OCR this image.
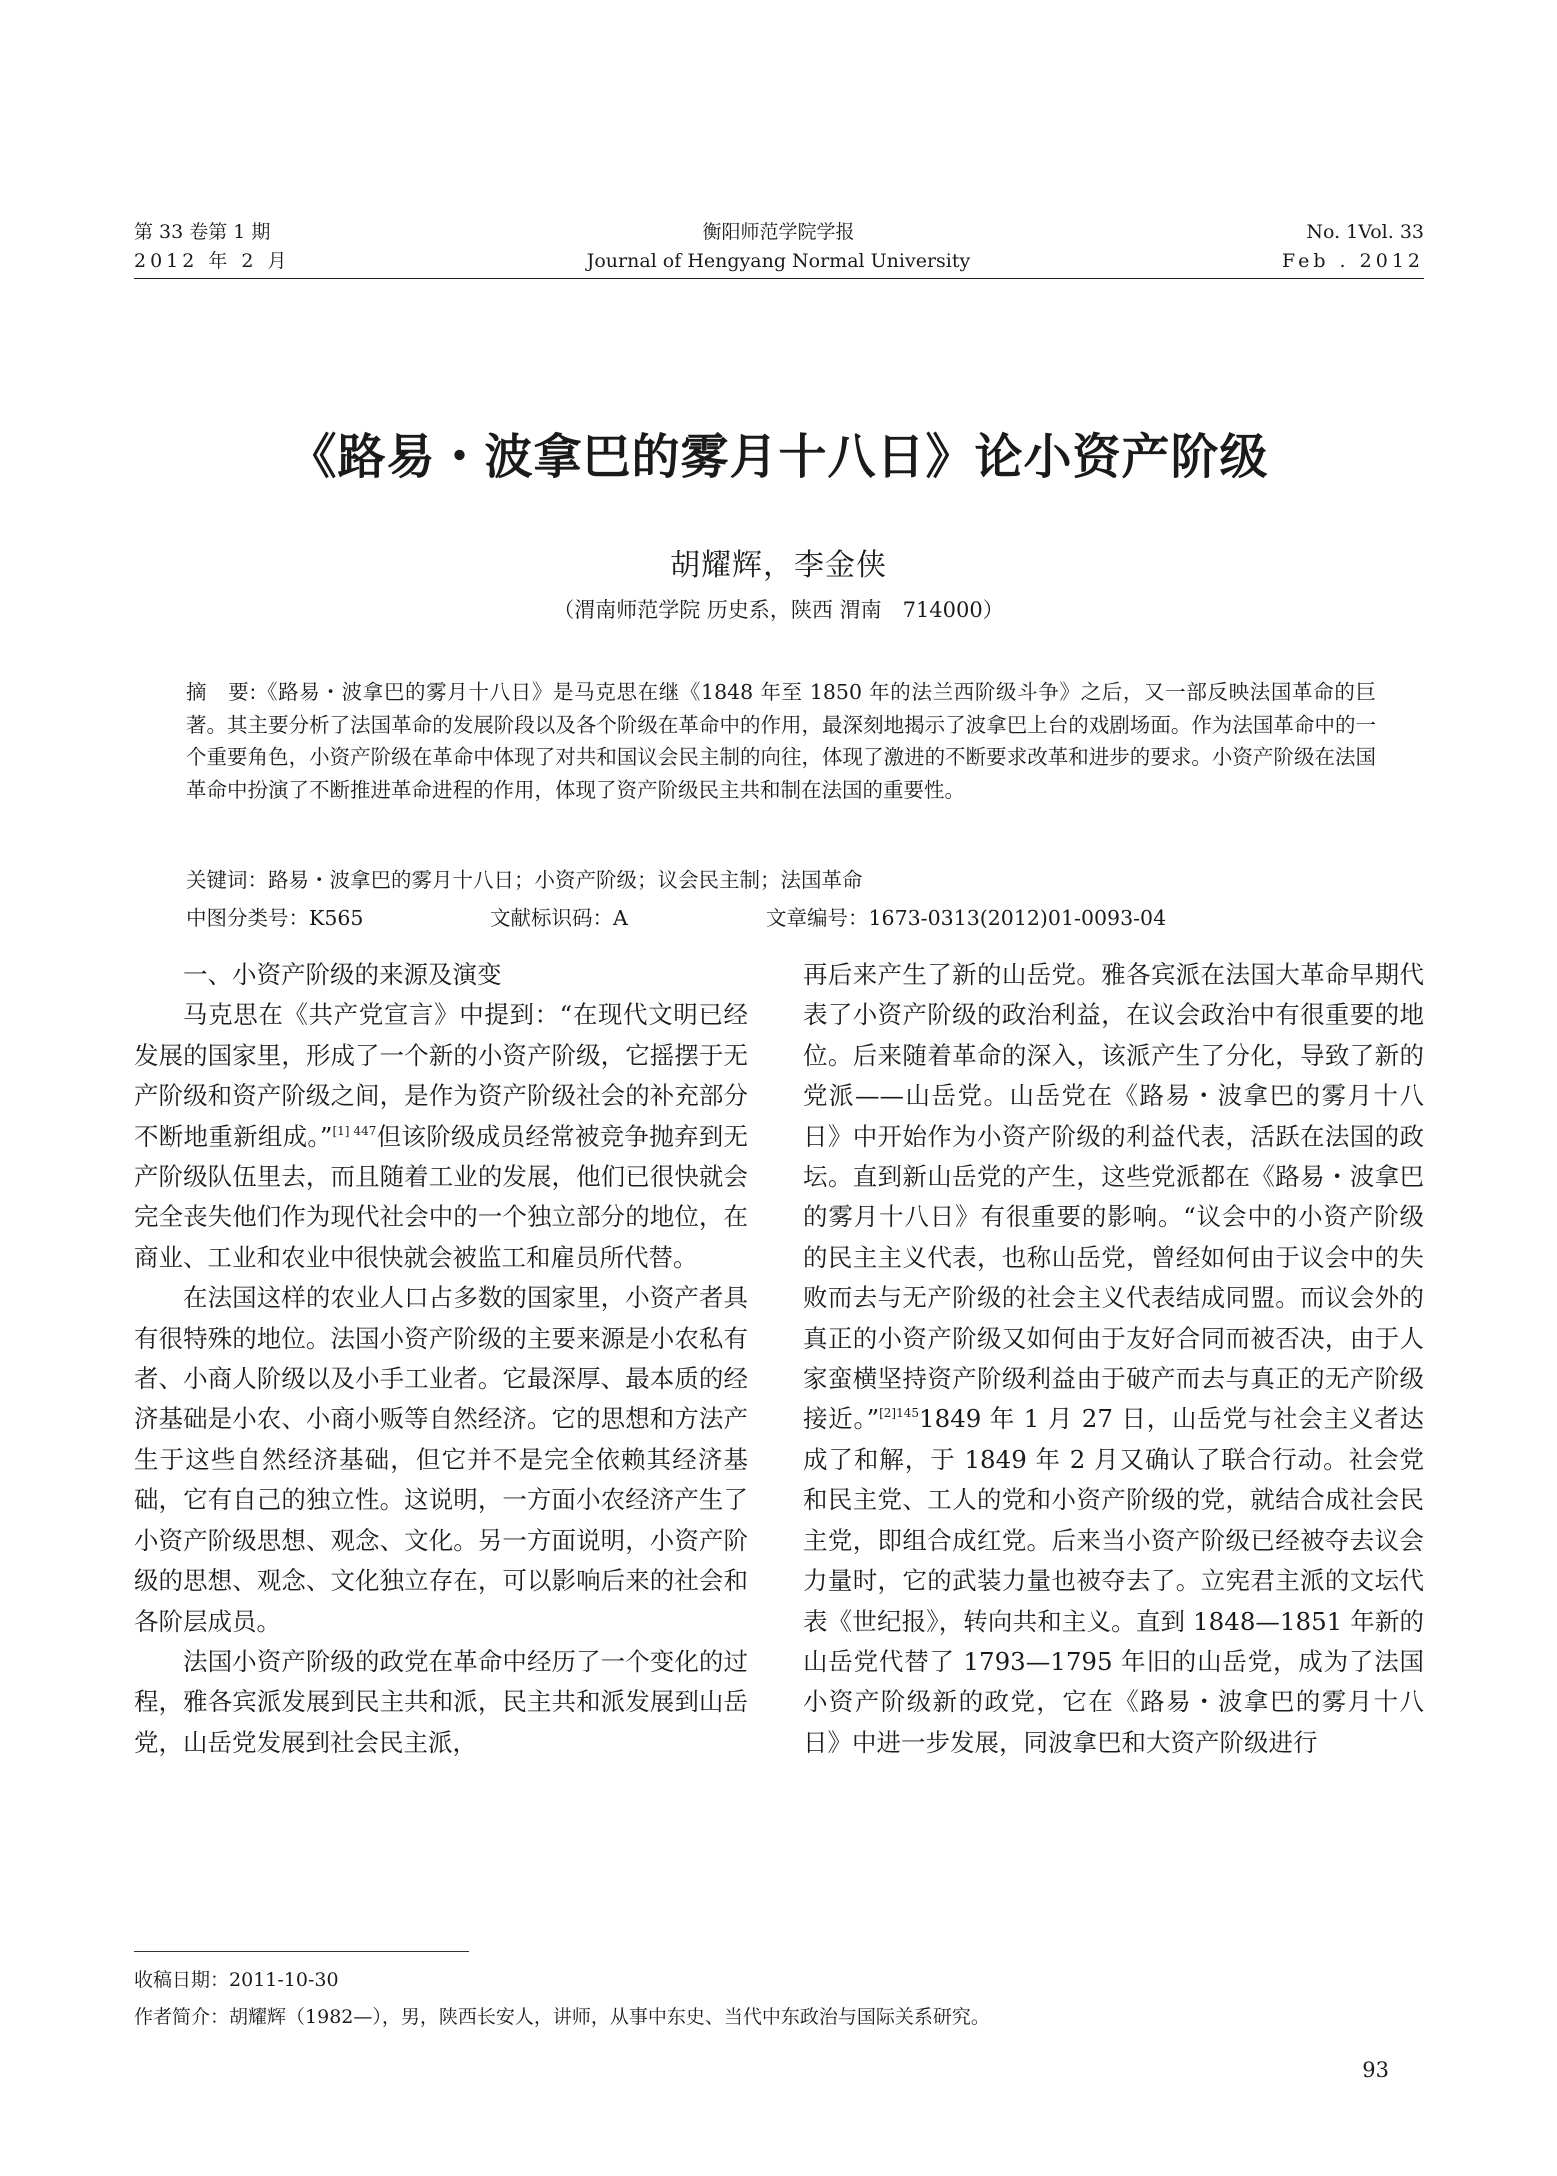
第 33 卷第 1 期
2012 年 2 月
衡阳师范学院学报
Journal of Hengyang Normal University
No. 1Vol. 33
Feb . 2012
《路易・波拿巴的雾月十八日》论小资产阶级
胡耀辉，李金侠
（渭南师范学院 历史系，陕西 渭南　714000）
摘　要:《路易・波拿巴的雾月十八日》是马克思在继《1848 年至 1850 年的法兰西阶级斗争》之后，又一部反映法国革命的巨著。其主要分析了法国革命的发展阶段以及各个阶级在革命中的作用，最深刻地揭示了波拿巴上台的戏剧场面。作为法国革命中的一个重要角色，小资产阶级在革命中体现了对共和国议会民主制的向往，体现了激进的不断要求改革和进步的要求。小资产阶级在法国革命中扮演了不断推进革命进程的作用，体现了资产阶级民主共和制在法国的重要性。
关键词：路易・波拿巴的雾月十八日；小资产阶级；议会民主制；法国革命
中图分类号：K565	文献标识码：A	文章编号：1673-0313(2012)01-0093-04
一、小资产阶级的来源及演变

马克思在《共产党宣言》中提到：“在现代文明已经发展的国家里，形成了一个新的小资产阶级，它摇摆于无产阶级和资产阶级之间，是作为资产阶级社会的补充部分不断地重新组成。”$^{[1] 447}$但该阶级成员经常被竞争抛弃到无产阶级队伍里去，而且随着工业的发展，他们已很快就会完全丧失他们作为现代社会中的一个独立部分的地位，在商业、工业和农业中很快就会被监工和雇员所代替。

在法国这样的农业人口占多数的国家里，小资产者具有很特殊的地位。法国小资产阶级的主要来源是小农私有者、小商人阶级以及小手工业者。它最深厚、最本质的经济基础是小农、小商小贩等自然经济。它的思想和方法产生于这些自然经济基础，但它并不是完全依赖其经济基础，它有自己的独立性。这说明，一方面小农经济产生了小资产阶级思想、观念、文化。另一方面说明，小资产阶级的思想、观念、文化独立存在，可以影响后来的社会和各阶层成员。

法国小资产阶级的政党在革命中经历了一个变化的过程，雅各宾派发展到民主共和派，民主共和派发展到山岳党，山岳党发展到社会民主派，

再后来产生了新的山岳党。雅各宾派在法国大革命早期代表了小资产阶级的政治利益，在议会政治中有很重要的地位。后来随着革命的深入，该派产生了分化，导致了新的党派——山岳党。山岳党在《路易・波拿巴的雾月十八日》中开始作为小资产阶级的利益代表，活跃在法国的政坛。直到新山岳党的产生，这些党派都在《路易・波拿巴的雾月十八日》有很重要的影响。“议会中的小资产阶级的民主主义代表，也称山岳党，曾经如何由于议会中的失败而去与无产阶级的社会主义代表结成同盟。而议会外的真正的小资产阶级又如何由于友好合同而被否决，由于人家蛮横坚持资产阶级利益由于破产而去与真正的无产阶级接近。”$^{[2]145}$1849 年 1 月 27 日，山岳党与社会主义者达成了和解，于 1849 年 2 月又确认了联合行动。社会党和民主党、工人的党和小资产阶级的党，就结合成社会民主党，即组合成红党。后来当小资产阶级已经被夺去议会力量时，它的武装力量也被夺去了。立宪君主派的文坛代表《世纪报》，转向共和主义。直到 1848—1851 年新的山岳党代替了 1793—1795 年旧的山岳党，成为了法国小资产阶级新的政党，它在《路易・波拿巴的雾月十八日》中进一步发展，同波拿巴和大资产阶级进行

收稿日期：2011-10-30
作者简介：胡耀辉（1982—），男，陕西长安人，讲师，从事中东史、当代中东政治与国际关系研究。
93
